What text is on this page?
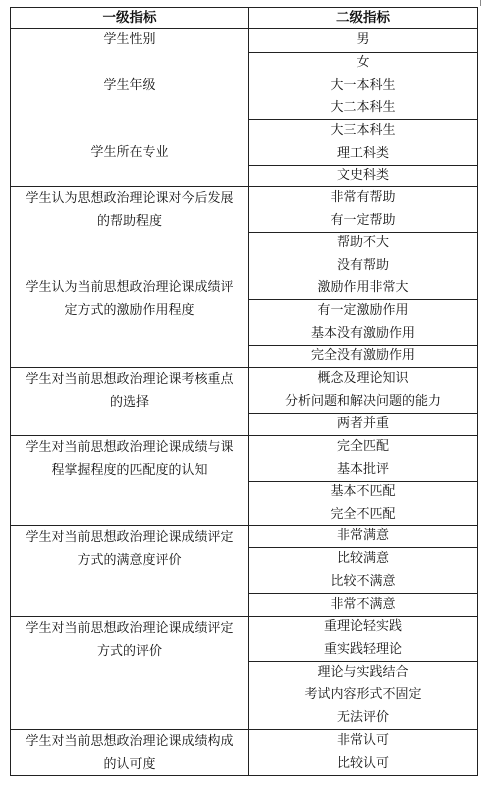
一级指标	二级指标
男
女
大一本科生
大二本科生
大三本科生
理工科类
文史科类
非常有帮助
有一定帮助
帮助不大
没有帮助
激励作用非常大
有一定激励作用
基本没有激励作用
完全没有激励作用
概念及理论知识
分析问题和解决问题的能力
两者并重
完全匹配
基本批评
基本不匹配
完全不匹配
非常满意
比较满意
比较不满意
非常不满意
重理论轻实践
重实践轻理论
理论与实践结合
考试内容形式不固定
无法评价
非常认可
比较认可
学生性别
学生年级
学生所在专业
学生认为思想政治理论课对今后发展
的帮助程度
学生认为当前思想政治理论课成绩评
定方式的激励作用程度
学生对当前思想政治理论课考核重点
的选择
学生对当前思想政治理论课成绩与课
程掌握程度的匹配度的认知
学生对当前思想政治理论课成绩评定
方式的满意度评价
学生对当前思想政治理论课成绩评定
方式的评价
学生对当前思想政治理论课成绩构成
的认可度
